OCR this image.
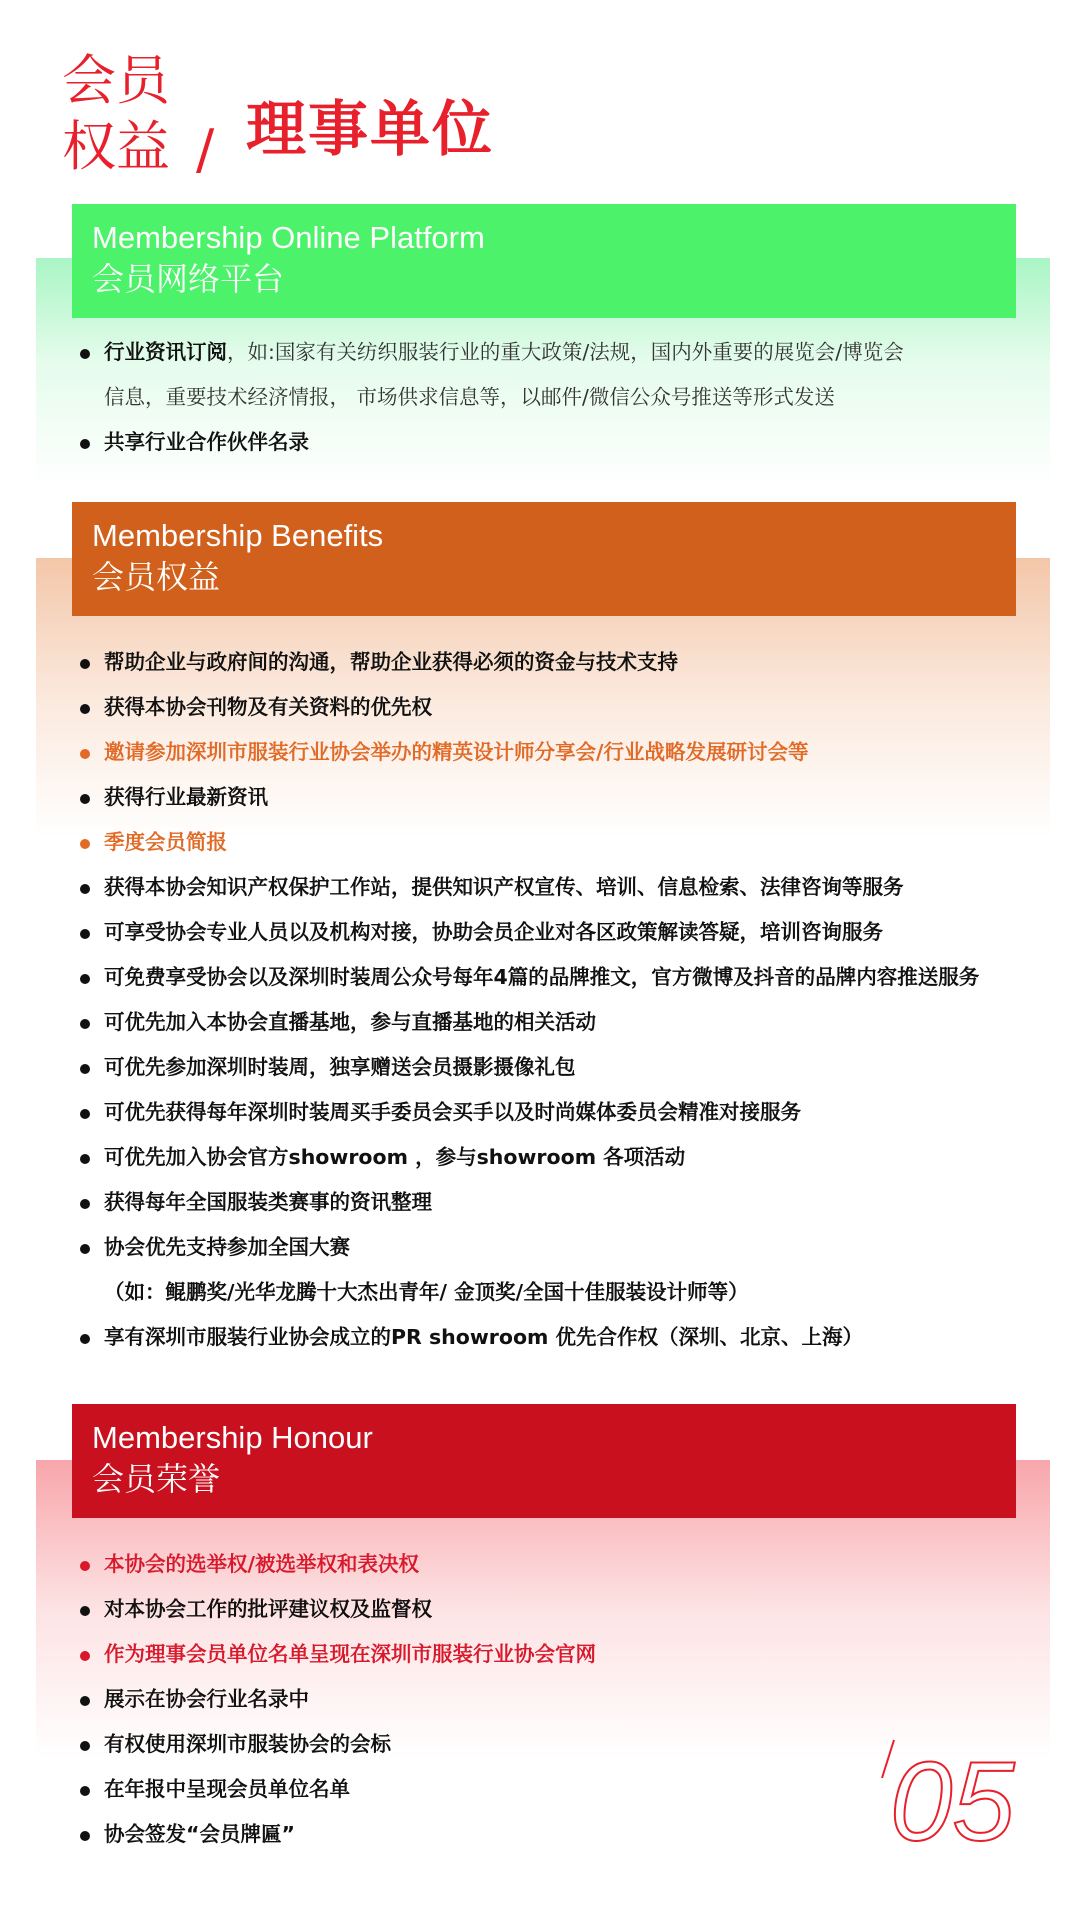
会员
权益 / 理事单位
Membership Online Platform
会员网络平台
行业资讯订阅，如:国家有关纺织服装行业的重大政策/法规，国内外重要的展览会/博览会
信息，重要技术经济情报， 市场供求信息等，以邮件/微信公众号推送等形式发送
共享行业合作伙伴名录
Membership Benefits
会员权益
帮助企业与政府间的沟通，帮助企业获得必须的资金与技术支持
获得本协会刊物及有关资料的优先权
邀请参加深圳市服装行业协会举办的精英设计师分享会/行业战略发展研讨会等
获得行业最新资讯
季度会员简报
获得本协会知识产权保护工作站，提供知识产权宣传、培训、信息检索、法律咨询等服务
可享受协会专业人员以及机构对接，协助会员企业对各区政策解读答疑，培训咨询服务
可免费享受协会以及深圳时装周公众号每年4篇的品牌推文，官方微博及抖音的品牌内容推送服务
可优先加入本协会直播基地，参与直播基地的相关活动
可优先参加深圳时装周，独享赠送会员摄影摄像礼包
可优先获得每年深圳时装周买手委员会买手以及时尚媒体委员会精准对接服务
可优先加入协会官方showroom ，参与showroom 各项活动
获得每年全国服装类赛事的资讯整理
协会优先支持参加全国大赛
（如：鲲鹏奖/光华龙腾十大杰出青年/ 金顶奖/全国十佳服装设计师等）
享有深圳市服装行业协会成立的PR showroom 优先合作权（深圳、北京、上海）
Membership Honour
会员荣誉
本协会的选举权/被选举权和表决权
对本协会工作的批评建议权及监督权
作为理事会员单位名单呈现在深圳市服装行业协会官网
展示在协会行业名录中
有权使用深圳市服装协会的会标
在年报中呈现会员单位名单
协会签发“会员牌匾”	05
